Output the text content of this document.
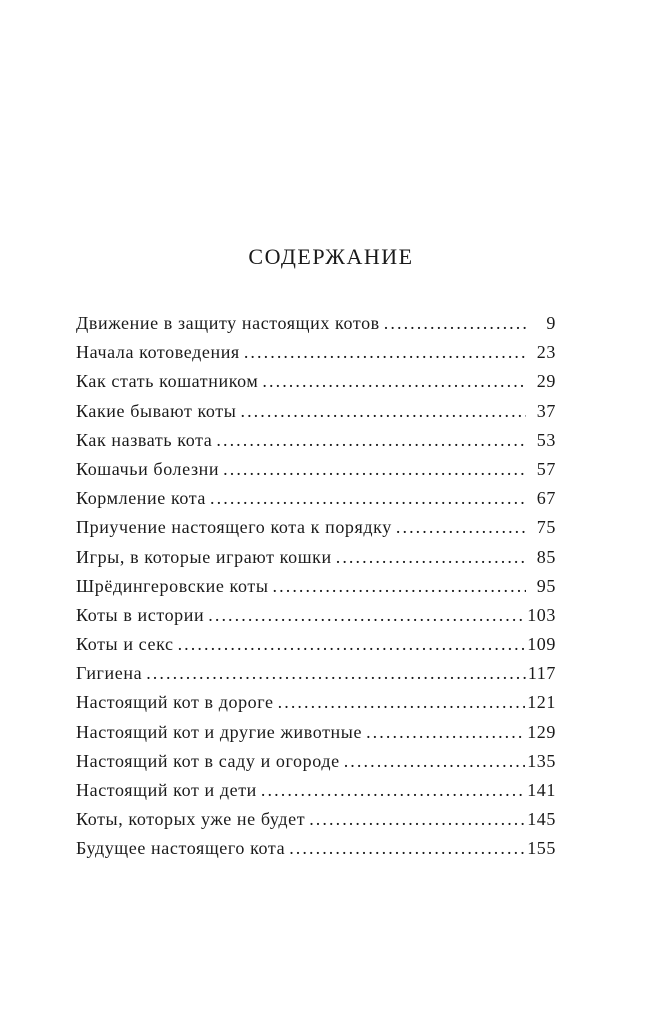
СОДЕРЖАНИЕ
Движение в защиту настоящих котов . . .	9
Начала котоведения . . .	23
Как стать кошатником . . .	29
Какие бывают коты . . .	37
Как назвать кота . . .	53
Кошачьи болезни . . .	57
Кормление кота . . .	67
Приучение настоящего кота к порядку . . .	75
Игры, в которые играют кошки . . .	85
Шрёдингеровские коты . . .	95
Коты в истории . . .	103
Коты и секс . . .	109
Гигиена . . .	117
Настоящий кот в дороге . . .	121
Настоящий кот и другие животные . . .	129
Настоящий кот в саду и огороде . . .	135
Настоящий кот и дети . . .	141
Коты, которых уже не будет . . .	145
Будущее настоящего кота . . .	155
